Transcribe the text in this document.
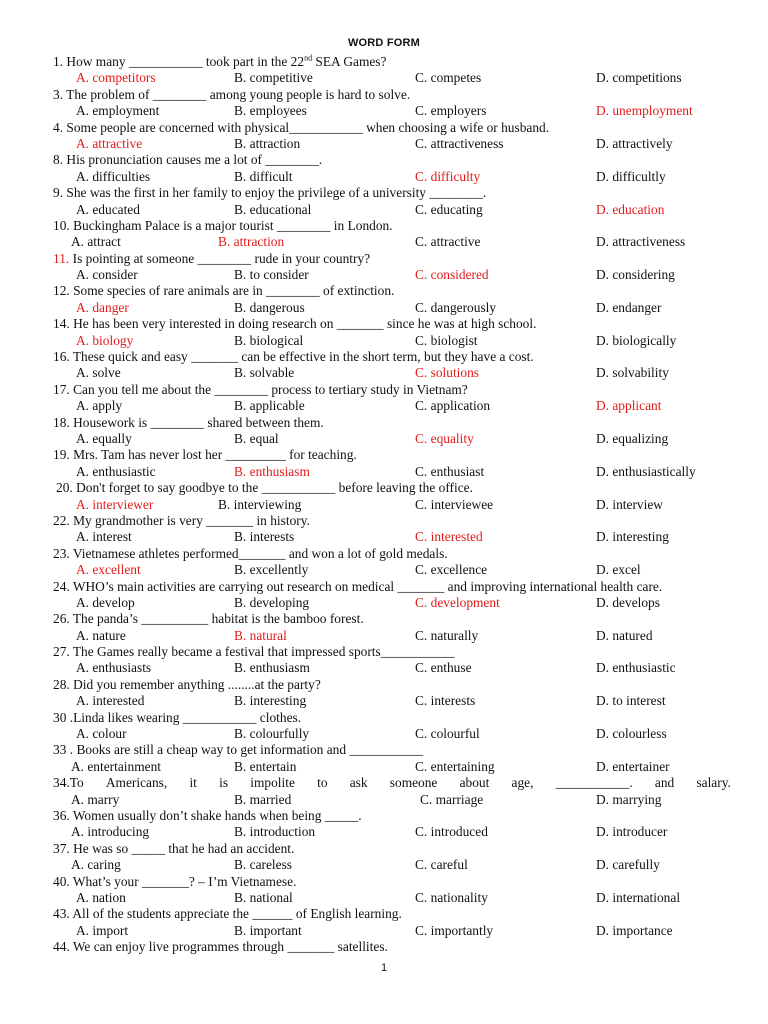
WORD FORM
1. How many ___________ took part in the 22nd SEA Games?
A. competitors	B. competitive	C. competes	D. competitions
3. The problem of ________ among young people is hard to solve.
A. employment	B. employees	C. employers	D. unemployment
4. Some people are concerned with physical___________ when choosing a wife or husband.
A. attractive	B. attraction	C. attractiveness	D. attractively
8. His pronunciation causes me a lot of ________.
A. difficulties	B. difficult	C. difficulty	D. difficultly
9. She was the first in her family to enjoy the privilege of a university ________.
A. educated	B. educational	C. educating	D. education
10. Buckingham Palace is a major tourist ________ in London.
A. attract	B. attraction	C. attractive	D. attractiveness
11. Is pointing at someone ________ rude in your country?
A. consider	B. to consider	C. considered	D. considering
12. Some species of rare animals are in ________ of extinction.
A. danger	B. dangerous	C. dangerously	D. endanger
14. He has been very interested in doing research on _______ since he was at high school.
A. biology	B. biological	C. biologist	D. biologically
16. These quick and easy _______ can be effective in the short term, but they have a cost.
A. solve	B. solvable	C. solutions	D. solvability
17. Can you tell me about the ________ process to tertiary study in Vietnam?
A. apply	B. applicable	C. application	D. applicant
18. Housework is ________ shared between them.
A. equally	B. equal	C. equality	D. equalizing
19. Mrs. Tam has never lost her _________ for teaching.
A. enthusiastic	B. enthusiasm	C. enthusiast	D. enthusiastically
20. Don't forget to say goodbye to the ___________ before leaving the office.
A. interviewer	B. interviewing	C. interviewee	D. interview
22. My grandmother is very _______ in history.
A. interest	B. interests	C. interested	D. interesting
23. Vietnamese athletes performed_______ and won a lot of gold medals.
A. excellent	B. excellently	C. excellence	D. excel
24. WHO’s main activities are carrying out research on medical _______ and improving international health care.
A. develop	B. developing	C. development	D. develops
26. The panda’s __________ habitat is the bamboo forest.
A. nature	B. natural	C. naturally	D. natured
27. The Games really became a festival that impressed sports___________
A. enthusiasts	B. enthusiasm	C. enthuse	D. enthusiastic
28. Did you remember anything ........at the party?
A. interested	B. interesting	C. interests	D. to interest
30 .Linda likes wearing ___________ clothes.
A. colour	B. colourfully	C. colourful	D. colourless
33 . Books are still a cheap way to get information and ___________
A. entertainment	B. entertain	C. entertaining	D. entertainer
34.To Americans, it is impolite to ask someone about age, ___________. and salary.
A. marry	B. married	C. marriage	D. marrying
36. Women usually don’t shake hands when being _____.
A. introducing	B. introduction	C. introduced	D. introducer
37. He was so _____ that he had an accident.
A. caring	B. careless	C. careful	D. carefully
40. What’s your _______? – I’m Vietnamese.
A. nation	B. national	C. nationality	D. international
43. All of the students appreciate the ______ of English learning.
A. import	B. important	C. importantly	D. importance
44. We can enjoy live programmes through _______ satellites.
1
